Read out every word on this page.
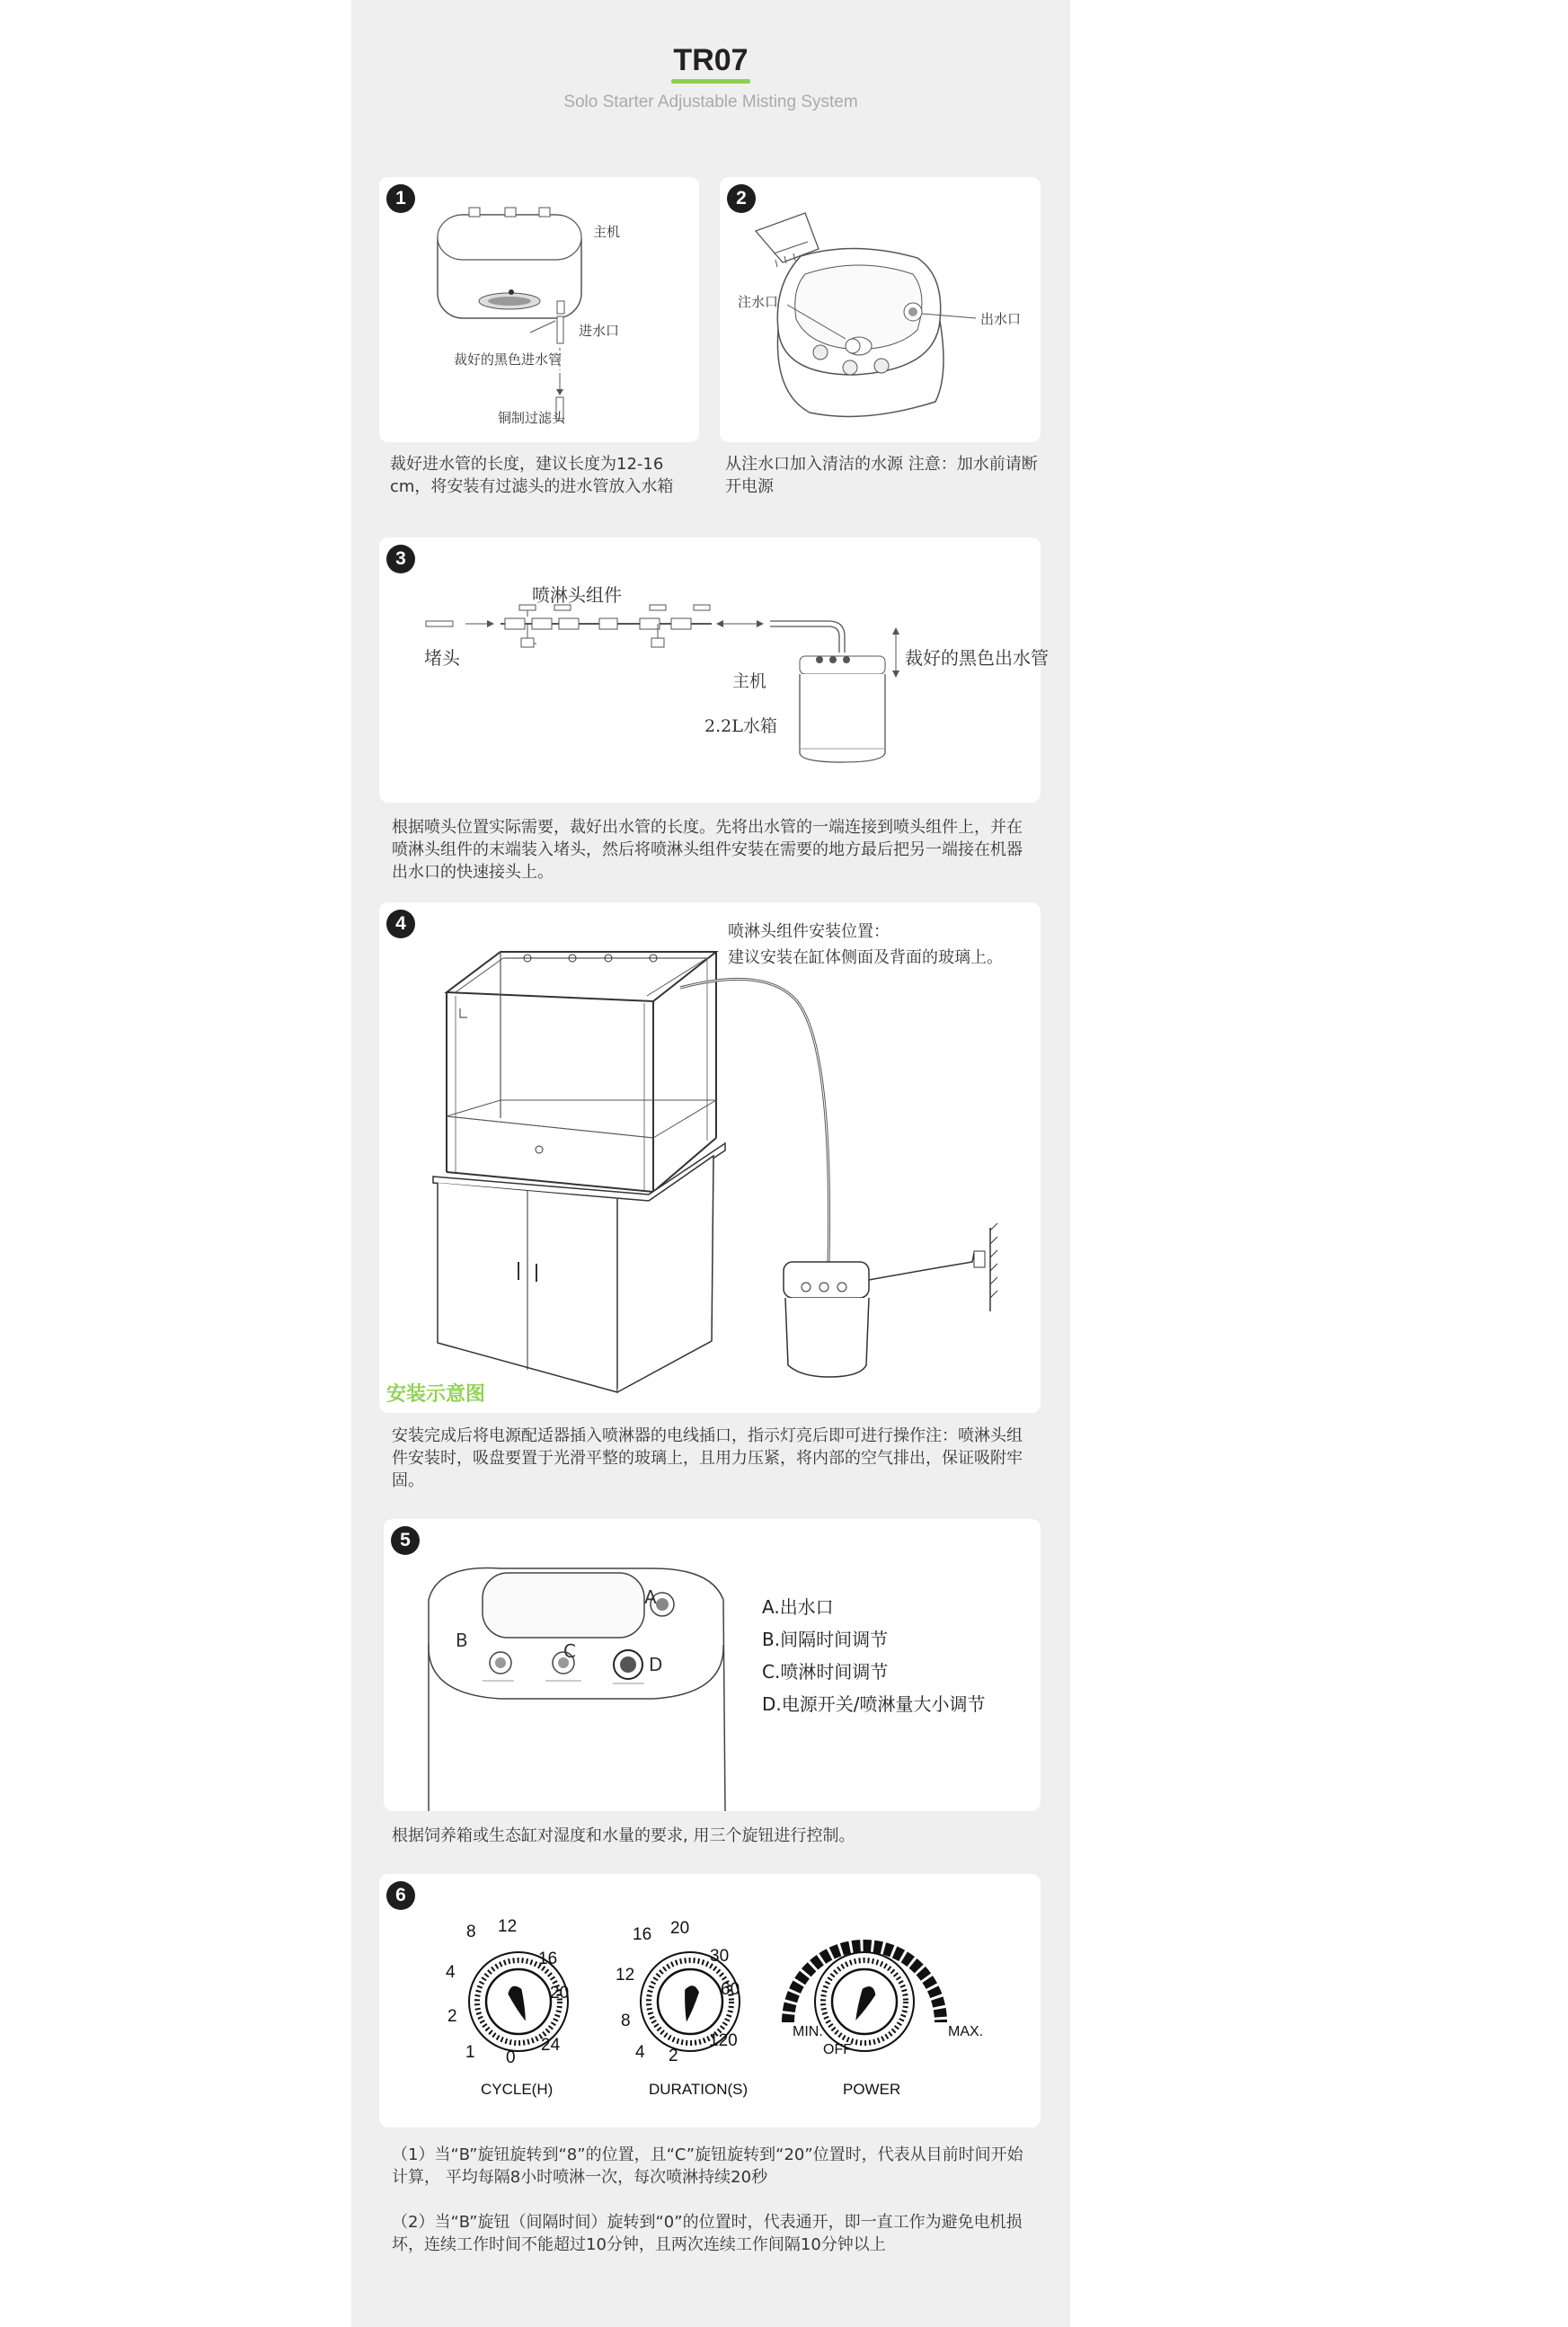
TR07
Solo Starter Adjustable Misting System
1
主机
进水口
裁好的黑色进水管
铜制过滤头
裁好进水管的长度，建议长度为12-16 cm，将安装有过滤头的进水管放入水箱
2
注水口
出水口
从注水口加入清洁的水源 注意：加水前请断开电源
3
喷淋头组件
堵头
主机
裁好的黑色出水管
2.2L水箱
根据喷头位置实际需要，裁好出水管的长度。先将出水管的一端连接到喷头组件上，并在喷淋头组件的末端装入堵头，然后将喷淋头组件安装在需要的地方最后把另一端接在机器出水口的快速接头上。
4	喷淋头组件安装位置：
建议安装在缸体侧面及背面的玻璃上。
安装示意图
安装完成后将电源配适器插入喷淋器的电线插口，指示灯亮后即可进行操作注：喷淋头组件安装时，吸盘要置于光滑平整的玻璃上，且用力压紧，将内部的空气排出，保证吸附牢固。
5
A
B	C
D
A.出水口
B.间隔时间调节
C.喷淋时间调节
D.电源开关/喷淋量大小调节
根据饲养箱或生态缸对湿度和水量的要求, 用三个旋钮进行控制。
6
8 12
16
20
24
0
1
2
4
CYCLE(H)
16 20
30
60
120
2
4
8
12
DURATION(S)
MIN.
OFF
MAX.
POWER
（1）当“B”旋钮旋转到“8”的位置，且“C”旋钮旋转到“20”位置时，代表从目前时间开始计算， 平均每隔8小时喷淋一次，每次喷淋持续20秒
（2）当“B”旋钮（间隔时间）旋转到“0”的位置时，代表通开，即一直工作为避免电机损坏，连续工作时间不能超过10分钟，且两次连续工作间隔10分钟以上
